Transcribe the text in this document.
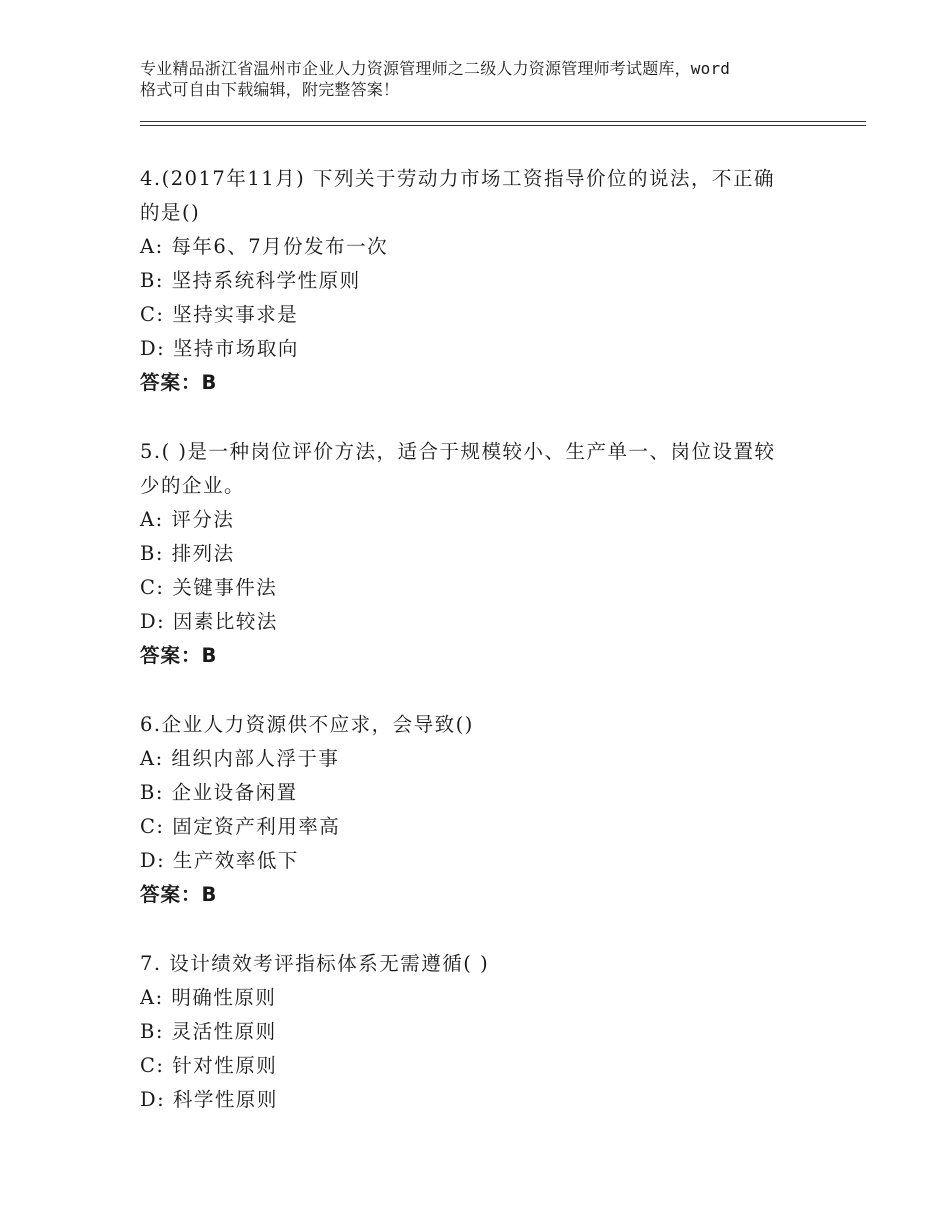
专业精品浙江省温州市企业人力资源管理师之二级人力资源管理师考试题库，word
格式可自由下载编辑，附完整答案！
4.(2017年11月) 下列关于劳动力市场工资指导价位的说法，不正确
的是()
A: 每年6、7月份发布一次
B: 坚持系统科学性原则
C: 坚持实事求是
D: 坚持市场取向
答案：B
5.( )是一种岗位评价方法，适合于规模较小、生产单一、岗位设置较
少的企业。
A: 评分法
B: 排列法
C: 关键事件法
D: 因素比较法
答案：B
6.企业人力资源供不应求，会导致()
A: 组织内部人浮于事
B: 企业设备闲置
C: 固定资产利用率高
D: 生产效率低下
答案：B
7. 设计绩效考评指标体系无需遵循( )
A: 明确性原则
B: 灵活性原则
C: 针对性原则
D: 科学性原则
